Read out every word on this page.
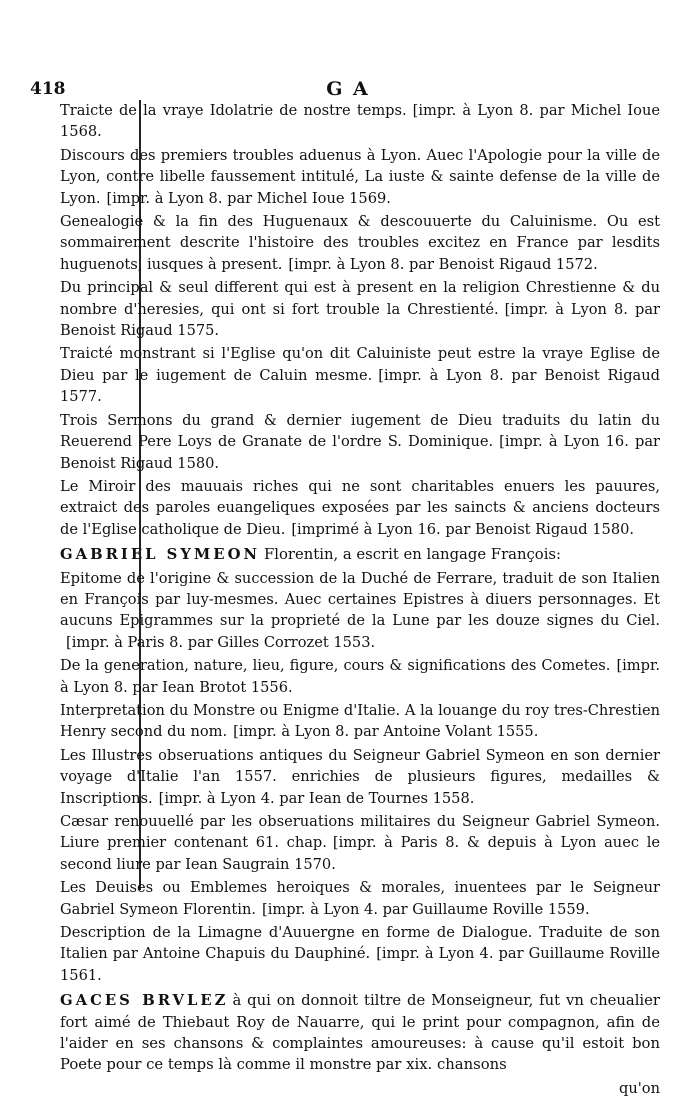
418	G A

Traicte de la vraye Idolatrie de nostre temps. [impr. à Lyon 8. par Michel Ioue 1568.

Discours des premiers troubles aduenus à Lyon. Auec l'Apologie pour la ville de Lyon, contre libelle faussement intitulé, La iuste & sainte defense de la ville de Lyon. [impr. à Lyon 8. par Michel Ioue 1569.

Genealogie & la fin des Huguenaux & descouuerte du Caluinisme. Ou est sommairement descrite l'histoire des troubles excitez en France par lesdits huguenots, iusques à present. [impr. à Lyon 8. par Benoist Rigaud 1572.

Du principal & seul different qui est à present en la religion Chrestienne & du nombre d'heresies, qui ont si fort trouble la Chrestienté. [impr. à Lyon 8. par Benoist Rigaud 1575.

Traicté monstrant si l'Eglise qu'on dit Caluiniste peut estre la vraye Eglise de Dieu par le iugement de Caluin mesme. [impr. à Lyon 8. par Benoist Rigaud 1577.

Trois Sermons du grand & dernier iugement de Dieu traduits du latin du Reuerend Pere Loys de Granate de l'ordre S. Dominique. [impr. à Lyon 16. par Benoist Rigaud 1580.

Le Miroir des mauuais riches qui ne sont charitables enuers les pauures, extraict des paroles euangeliques exposées par les saincts & anciens docteurs de l'Eglise catholique de Dieu. [imprimé à Lyon 16. par Benoist Rigaud 1580.

GABRIEL SYMEON Florentin, a escrit en langage François:

Epitome de l'origine & succession de la Duché de Ferrare, traduit de son Italien en François par luy-mesmes. Auec certaines Epistres à diuers personnages. Et aucuns Epigrammes sur la proprieté de la Lune par les douze signes du Ciel.[impr. à Paris 8. par Gilles Corrozet 1553.

De la generation, nature, lieu, figure, cours & significations des Cometes. [impr. à Lyon 8. par Iean Brotot 1556.

Interpretation du Monstre ou Enigme d'Italie. A la louange du roy tres-Chrestien Henry second du nom. [impr. à Lyon 8. par Antoine Volant 1555.

Les Illustres obseruations antiques du Seigneur Gabriel Symeon en son dernier voyage d'Italie l'an 1557. enrichies de plusieurs figures, medailles & Inscriptions. [impr. à Lyon 4. par Iean de Tournes 1558.

Cæsar renouuellé par les obseruations militaires du Seigneur Gabriel Symeon. Liure premier contenant 61. chap. [impr. à Paris 8. & depuis à Lyon auec le second liure par Iean Saugrain 1570.

Les Deuises ou Emblemes heroiques & morales, inuentees par le Seigneur Gabriel Symeon Florentin. [impr. à Lyon 4. par Guillaume Roville 1559.

Description de la Limagne d'Auuergne en forme de Dialogue. Traduite de son Italien par Antoine Chapuis du Dauphiné. [impr. à Lyon 4. par Guillaume Roville 1561.

GACES BRVLEZ à qui on donnoit tiltre de Monseigneur, fut vn cheualier fort aimé de Thiebaut Roy de Nauarre, qui le print pour compagnon, afin de l'aider en ses chansons & complaintes amoureuses: à cause qu'il estoit bon Poete pour ce temps là comme il monstre par xix. chansons

qu'on
